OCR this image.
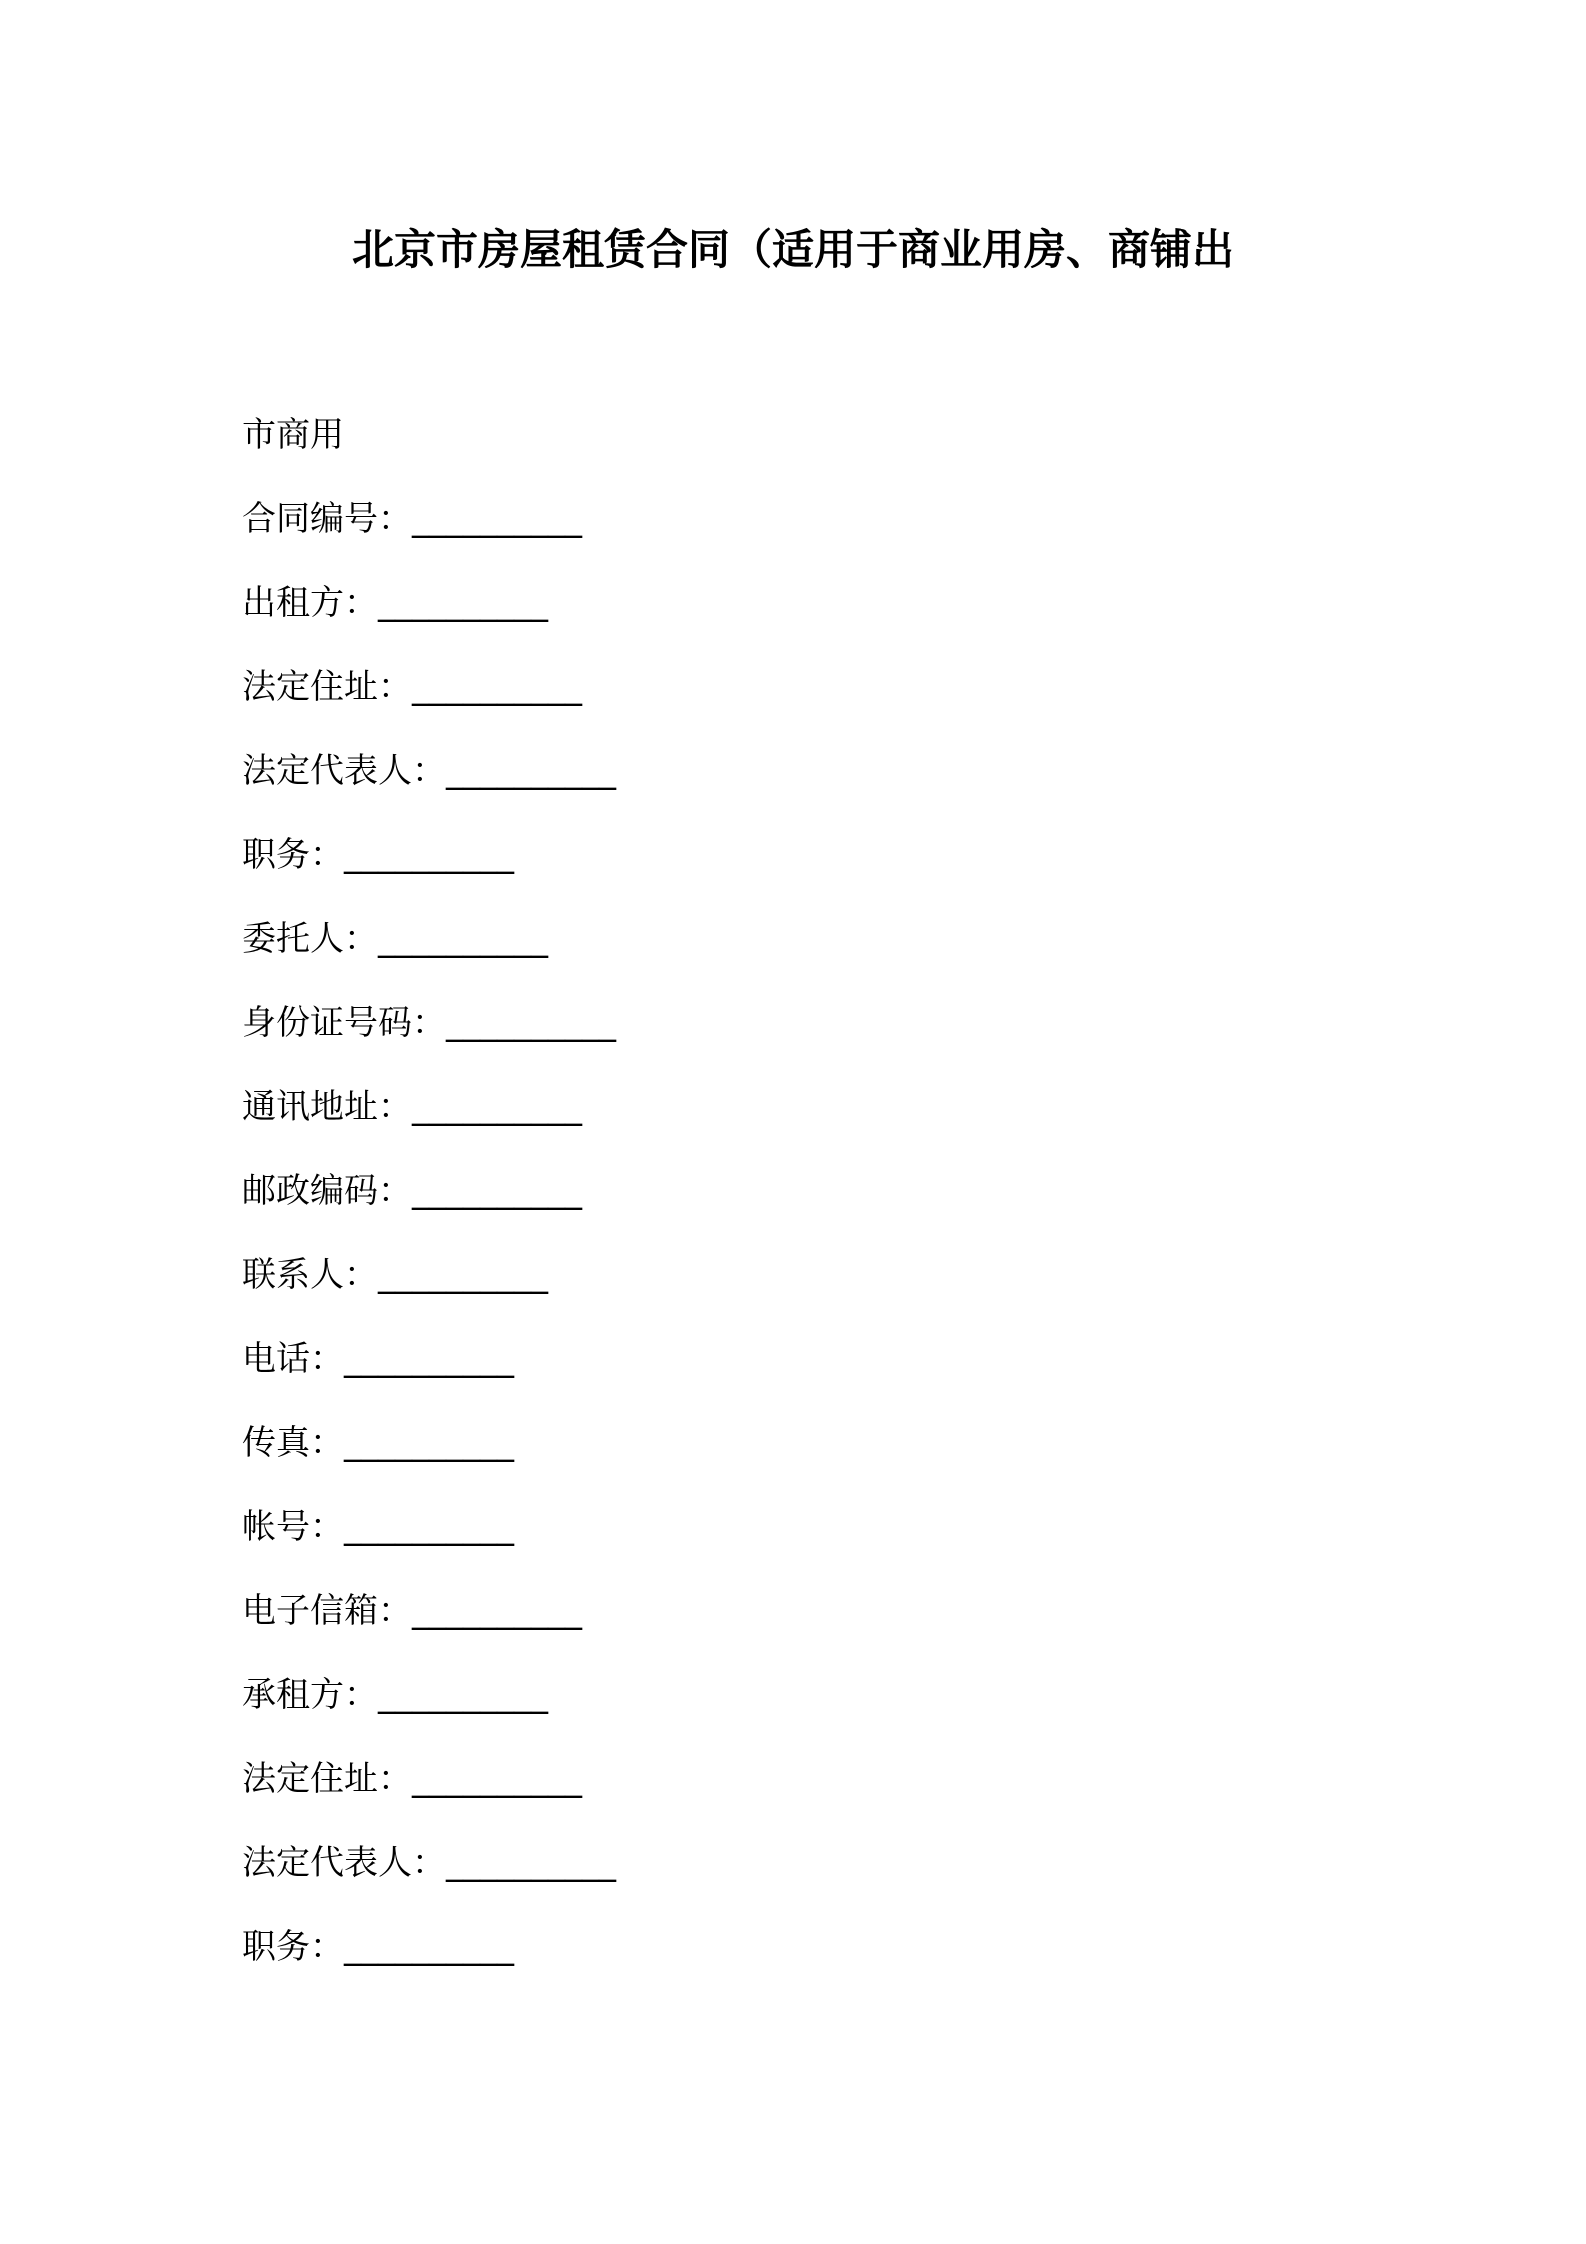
北京市房屋租赁合同（适用于商业用房、商铺出
市商用
合同编号：__________
出租方：__________
法定住址：__________
法定代表人：__________
职务：__________
委托人：__________
身份证号码：__________
通讯地址：__________
邮政编码：__________
联系人：__________
电话：__________
传真：__________
帐号：__________
电子信箱：__________
承租方：__________
法定住址：__________
法定代表人：__________
职务：__________
